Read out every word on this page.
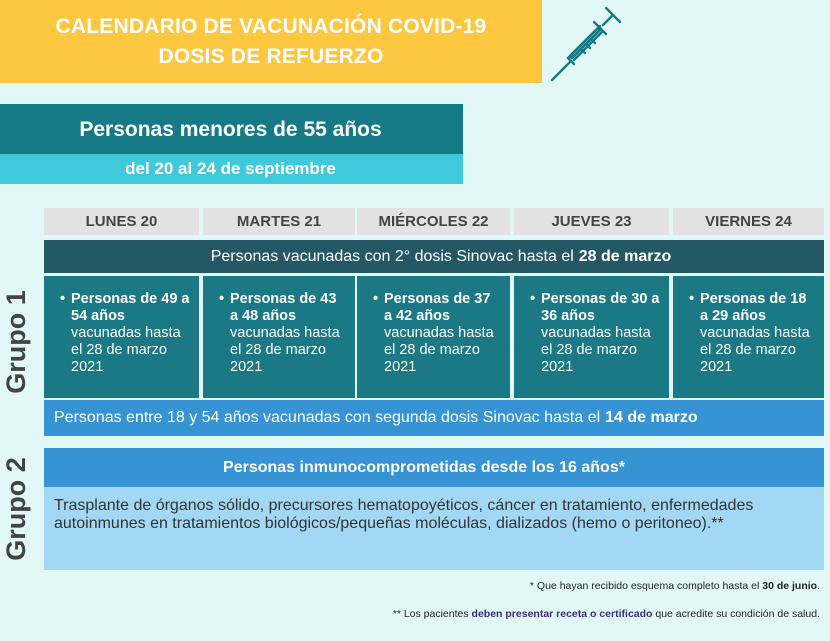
CALENDARIO DE VACUNACIÓN COVID-19
DOSIS DE REFUERZO
Personas menores de 55 años
del 20 al 24 de septiembre
LUNES 20	MARTES 21	MIÉRCOLES 22	JUEVES 23	VIERNES 24
Grupo 1
Grupo 2
Personas vacunadas con 2° dosis Sinovac hasta el 28 de marzo
• Personas de 49 a 54 años
vacunadas hasta el 28 de marzo 2021
• Personas de 43 a 48 años
vacunadas hasta el 28 de marzo 2021
• Personas de 37 a 42 años
vacunadas hasta el 28 de marzo 2021
• Personas de 30 a 36 años
vacunadas hasta el 28 de marzo 2021
• Personas de 18 a 29 años
vacunadas hasta el 28 de marzo 2021
Personas entre 18 y 54 años vacunadas con segunda dosis Sinovac hasta el 14 de marzo
Personas inmunocomprometidas desde los 16 años*
Trasplante de órganos sólido, precursores hematopoyéticos, cáncer en tratamiento, enfermedades autoinmunes en tratamientos biológicos/pequeñas moléculas, dializados (hemo o peritoneo).**
* Que hayan recibido esquema completo hasta el 30 de junio.
** Los pacientes deben presentar receta o certificado que acredite su condición de salud.
